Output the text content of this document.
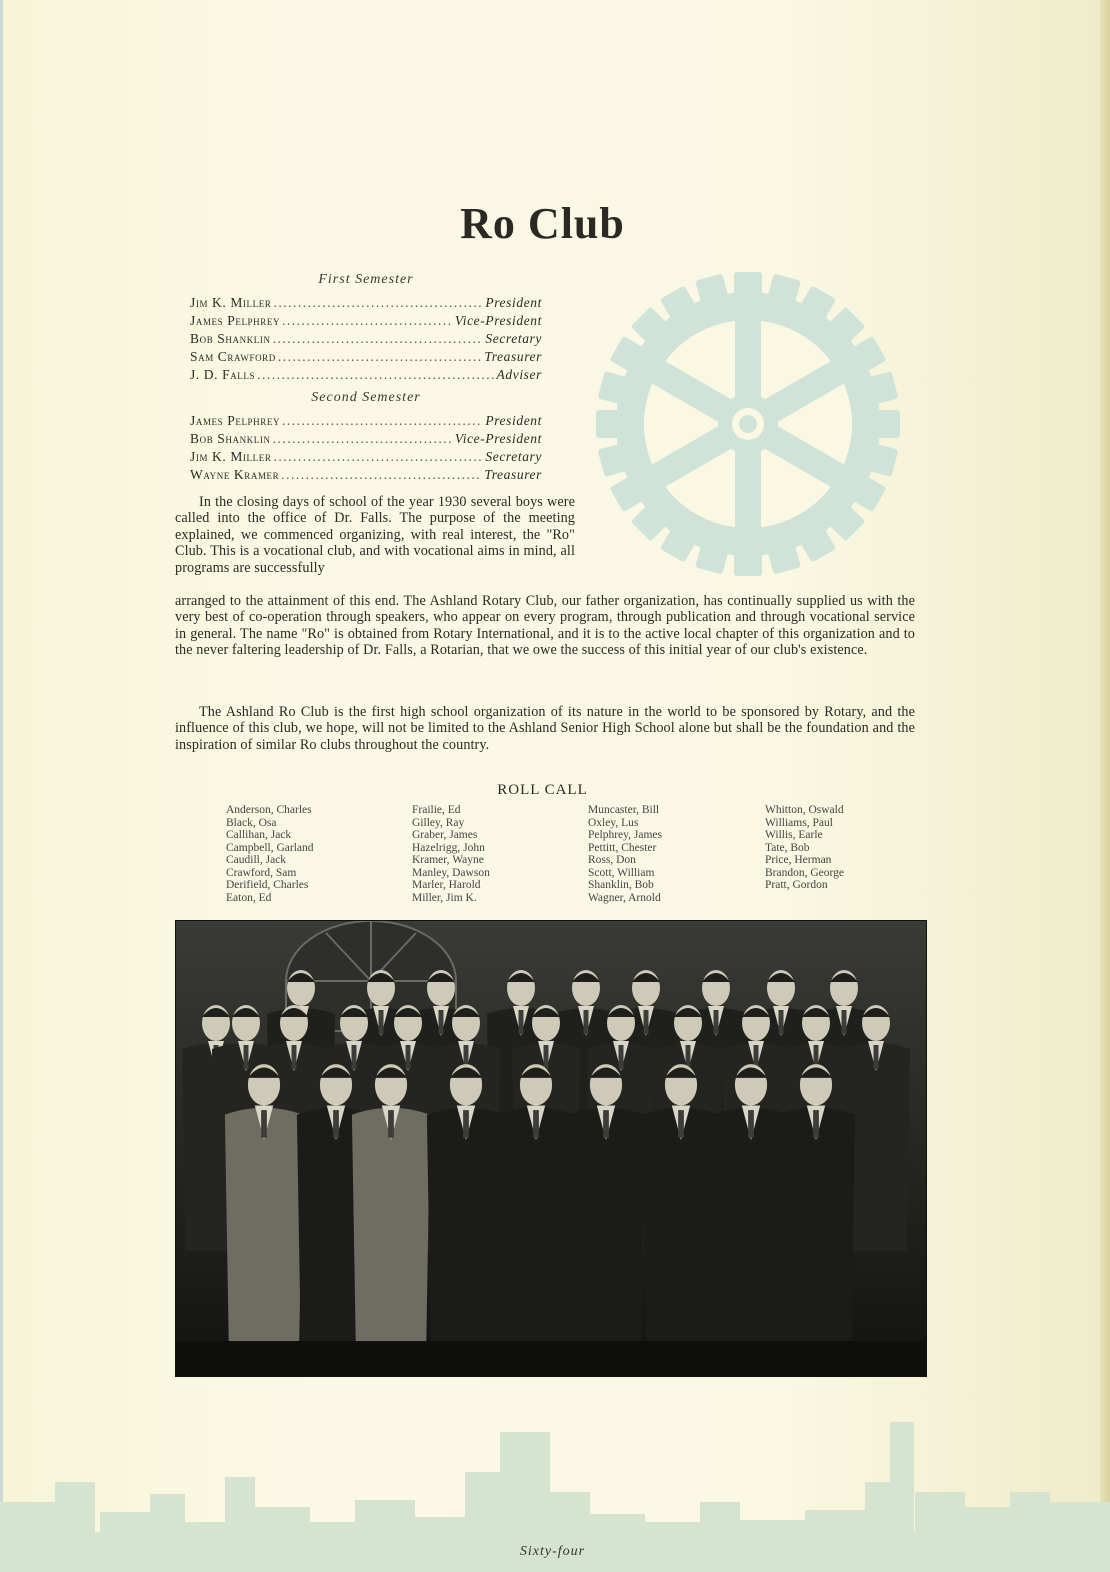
Ro Club
First Semester
Jim K. Miller .....	President
James Pelphrey .....	Vice-President
Bob Shanklin .....	Secretary
Sam Crawford .....	Treasurer
J. D. Falls .....	Adviser
Second Semester
James Pelphrey .....	President
Bob Shanklin .....	Vice-President
Jim K. Miller .....	Secretary
Wayne Kramer .....	Treasurer

In the closing days of school of the year 1930 several boys were called into the office of Dr. Falls. The purpose of the meeting explained, we commenced organizing, with real interest, the "Ro" Club. This is a vocational club, and with vocational aims in mind, all programs are successfully

arranged to the attainment of this end. The Ashland Rotary Club, our father organization, has continually supplied us with the very best of co-operation through speakers, who appear on every program, through publication and through vocational service in general. The name "Ro" is obtained from Rotary International, and it is to the active local chapter of this organization and to the never faltering leadership of Dr. Falls, a Rotarian, that we owe the success of this initial year of our club's existence.

The Ashland Ro Club is the first high school organization of its nature in the world to be sponsored by Rotary, and the influence of this club, we hope, will not be limited to the Ashland Senior High School alone but shall be the foundation and the inspiration of similar Ro clubs throughout the country.

ROLL CALL
Anderson, Charles
Black, Osa
Callihan, Jack
Campbell, Garland
Caudill, Jack
Crawford, Sam
Derifield, Charles
Eaton, Ed
Frailie, Ed
Gilley, Ray
Graber, James
Hazelrigg, John
Kramer, Wayne
Manley, Dawson
Marler, Harold
Miller, Jim K.
Muncaster, Bill
Oxley, Lus
Pelphrey, James
Pettitt, Chester
Ross, Don
Scott, William
Shanklin, Bob
Wagner, Arnold
Whitton, Oswald
Williams, Paul
Willis, Earle
Tate, Bob
Price, Herman
Brandon, George
Pratt, Gordon
Sixty-four
